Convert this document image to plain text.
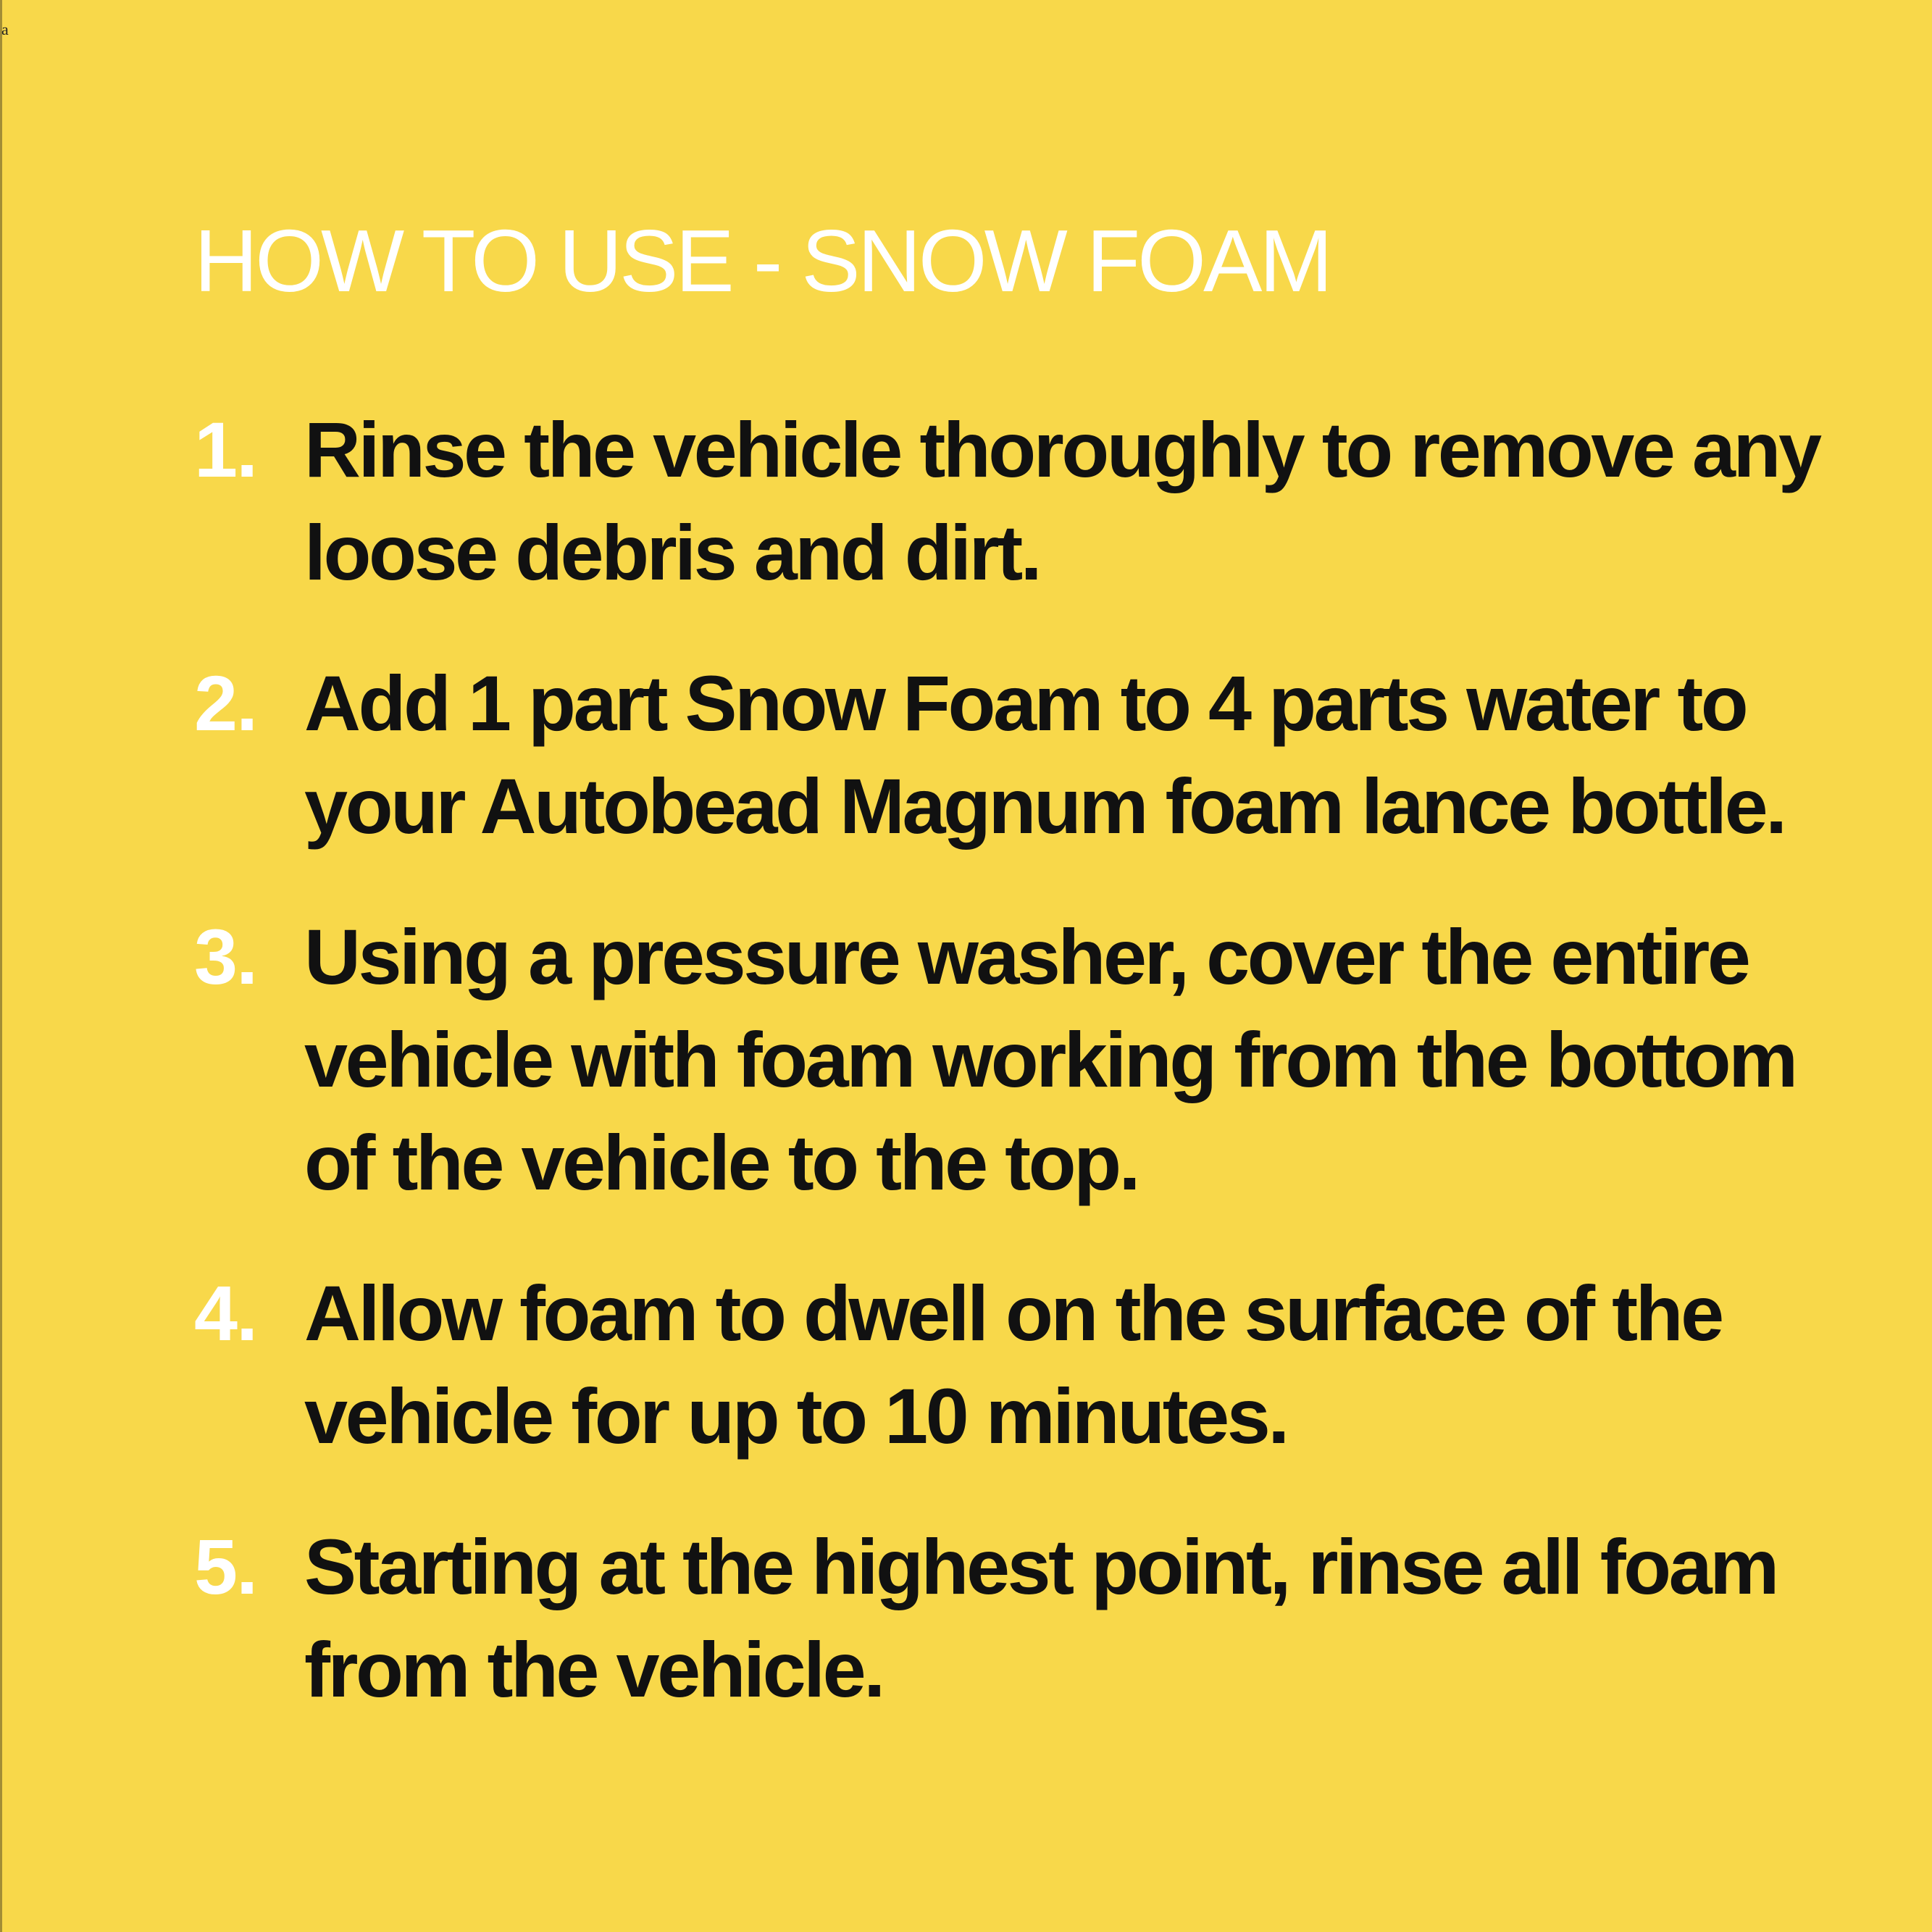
a
HOW TO USE - SNOW FOAM
1. Rinse the vehicle thoroughly to remove any loose debris and dirt.
2. Add 1 part Snow Foam to 4 parts water to your Autobead Magnum foam lance bottle.
3. Using a pressure washer, cover the entire vehicle with foam working from the bottom of the vehicle to the top.
4. Allow foam to dwell on the surface of the vehicle for up to 10 minutes.
5. Starting at the highest point, rinse all foam from the vehicle.
